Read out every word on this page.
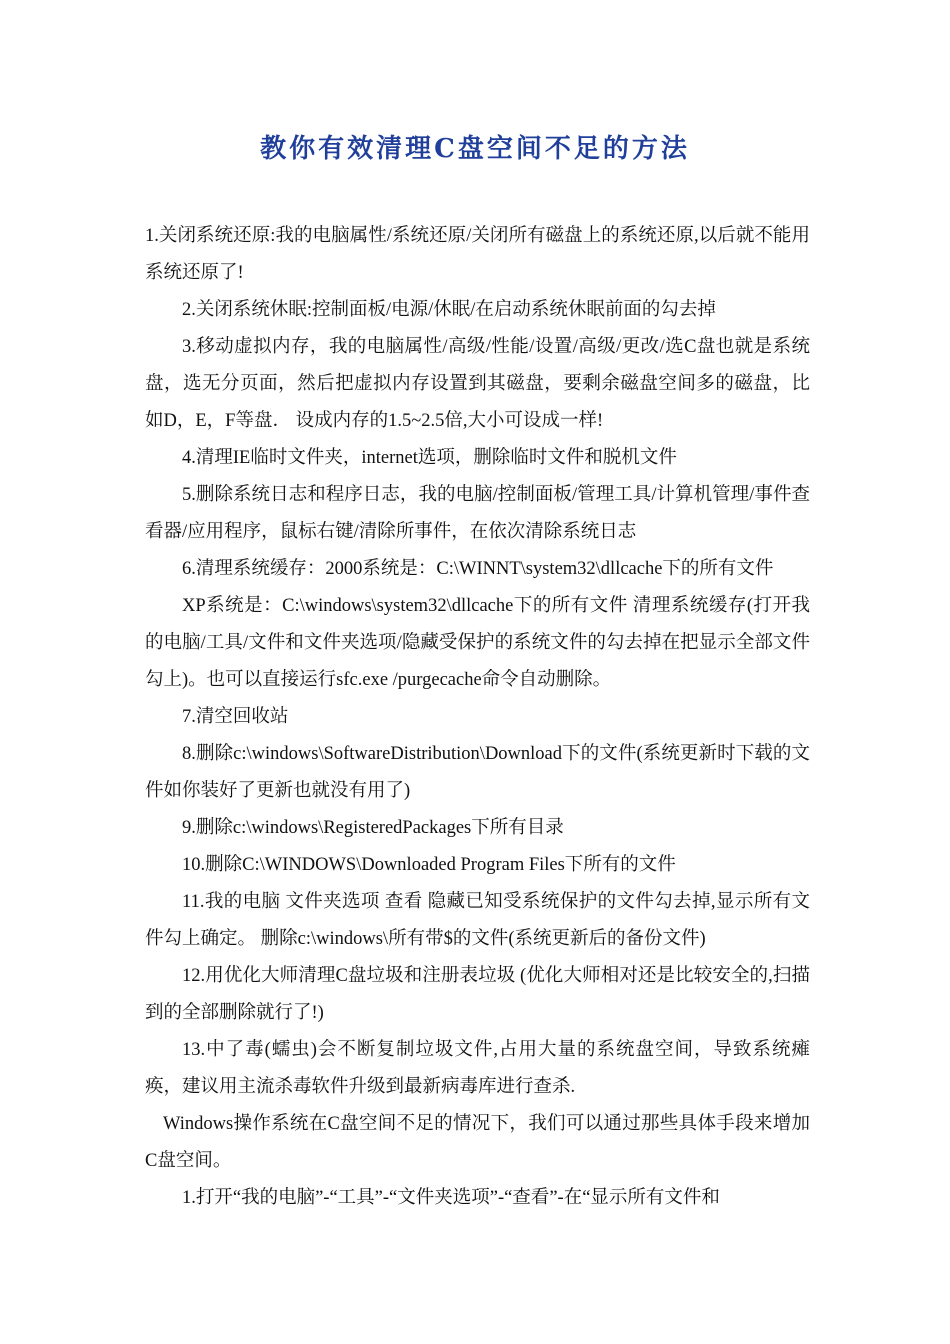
教你有效清理C盘空间不足的方法

1.关闭系统还原:我的电脑属性/系统还原/关闭所有磁盘上的系统还原,以后就不能用系统还原了!

2.关闭系统休眠:控制面板/电源/休眠/在启动系统休眠前面的勾去掉

3.移动虚拟内存，我的电脑属性/高级/性能/设置/高级/更改/选C盘也就是系统盘，选无分页面，然后把虚拟内存设置到其磁盘，要剩余磁盘空间多的磁盘，比如D，E，F等盘． 设成内存的1.5~2.5倍,大小可设成一样!

4.清理IE临时文件夹，internet选项，删除临时文件和脱机文件

5.删除系统日志和程序日志，我的电脑/控制面板/管理工具/计算机管理/事件查看器/应用程序，鼠标右键/清除所事件，在依次清除系统日志

6.清理系统缓存：2000系统是：C:\WINNT\system32\dllcache下的所有文件

XP系统是：C:\windows\system32\dllcache下的所有文件 清理系统缓存(打开我的电脑/工具/文件和文件夹选项/隐藏受保护的系统文件的勾去掉在把显示全部文件勾上)。也可以直接运行sfc.exe /purgecache命令自动删除。

7.清空回收站

8.删除c:\windows\SoftwareDistribution\Download下的文件(系统更新时下载的文件如你装好了更新也就没有用了)

9.删除c:\windows\RegisteredPackages下所有目录

10.删除C:\WINDOWS\Downloaded Program Files下所有的文件

11.我的电脑 文件夹选项 查看 隐藏已知受系统保护的文件勾去掉,显示所有文件勾上确定。 删除c:\windows\所有带$的文件(系统更新后的备份文件)

12.用优化大师清理C盘垃圾和注册表垃圾 (优化大师相对还是比较安全的,扫描到的全部删除就行了!)

13.中了毒(蠕虫)会不断复制垃圾文件,占用大量的系统盘空间，导致系统瘫痪，建议用主流杀毒软件升级到最新病毒库进行查杀.

Windows操作系统在C盘空间不足的情况下，我们可以通过那些具体手段来增加C盘空间。

1.打开“我的电脑”-“工具”-“文件夹选项”-“查看”-在“显示所有文件和
